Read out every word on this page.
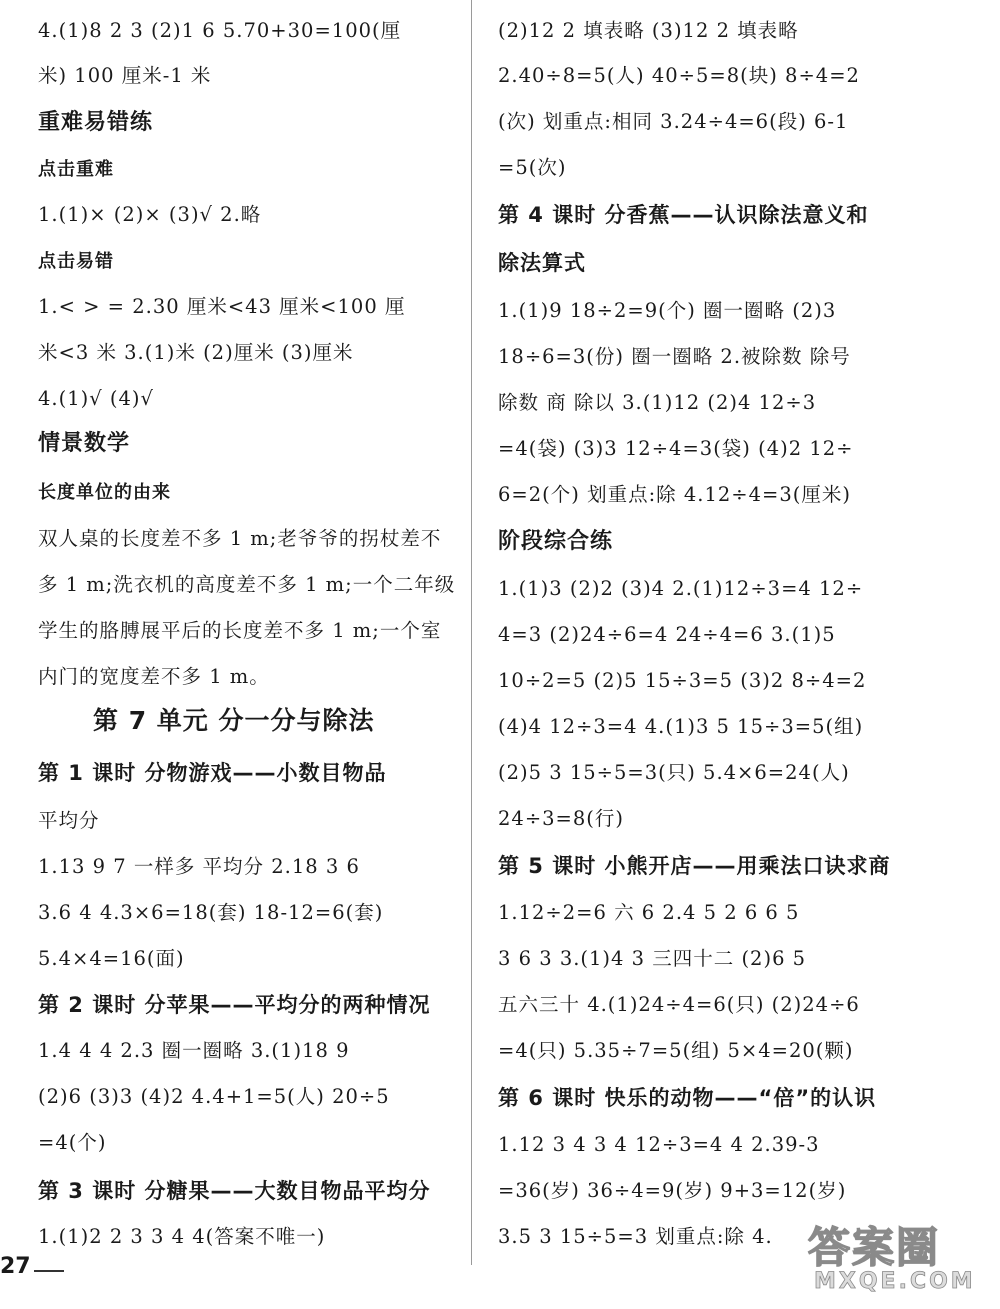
4.(1)8 2 3 (2)1 6 5.70+30=100(厘
米) 100 厘米-1 米
重难易错练
点击重难
1.(1)× (2)× (3)√ 2.略
点击易错
1.< > = 2.30 厘米<43 厘米<100 厘
米<3 米 3.(1)米 (2)厘米 (3)厘米
4.(1)√ (4)√
情景数学
长度单位的由来
双人桌的长度差不多 1 m;老爷爷的拐杖差不
多 1 m;洗衣机的高度差不多 1 m;一个二年级
学生的胳膊展平后的长度差不多 1 m;一个室
内门的宽度差不多 1 m。
第 7 单元 分一分与除法
第 1 课时 分物游戏——小数目物品
平均分
1.13 9 7 一样多 平均分 2.18 3 6
3.6 4 4.3×6=18(套) 18-12=6(套)
5.4×4=16(面)
第 2 课时 分苹果——平均分的两种情况
1.4 4 4 2.3 圈一圈略 3.(1)18 9
(2)6 (3)3 (4)2 4.4+1=5(人) 20÷5
=4(个)
第 3 课时 分糖果——大数目物品平均分
1.(1)2 2 3 3 4 4(答案不唯一)
(2)12 2 填表略 (3)12 2 填表略
2.40÷8=5(人) 40÷5=8(块) 8÷4=2
(次) 划重点:相同 3.24÷4=6(段) 6-1
=5(次)
第 4 课时 分香蕉——认识除法意义和
除法算式
1.(1)9 18÷2=9(个) 圈一圈略 (2)3
18÷6=3(份) 圈一圈略 2.被除数 除号
除数 商 除以 3.(1)12 (2)4 12÷3
=4(袋) (3)3 12÷4=3(袋) (4)2 12÷
6=2(个) 划重点:除 4.12÷4=3(厘米)
阶段综合练
1.(1)3 (2)2 (3)4 2.(1)12÷3=4 12÷
4=3 (2)24÷6=4 24÷4=6 3.(1)5
10÷2=5 (2)5 15÷3=5 (3)2 8÷4=2
(4)4 12÷3=4 4.(1)3 5 15÷3=5(组)
(2)5 3 15÷5=3(只) 5.4×6=24(人)
24÷3=8(行)
第 5 课时 小熊开店——用乘法口诀求商
1.12÷2=6 六 6 2.4 5 2 6 6 5
3 6 3 3.(1)4 3 三四十二 (2)6 5
五六三十 4.(1)24÷4=6(只) (2)24÷6
=4(只) 5.35÷7=5(组) 5×4=20(颗)
第 6 课时 快乐的动物——“倍”的认识
1.12 3 4 3 4 12÷3=4 4 2.39-3
=36(岁) 36÷4=9(岁) 9+3=12(岁)
3.5 3 15÷5=3 划重点:除 4.
27	答案圈
MXQE.COM
